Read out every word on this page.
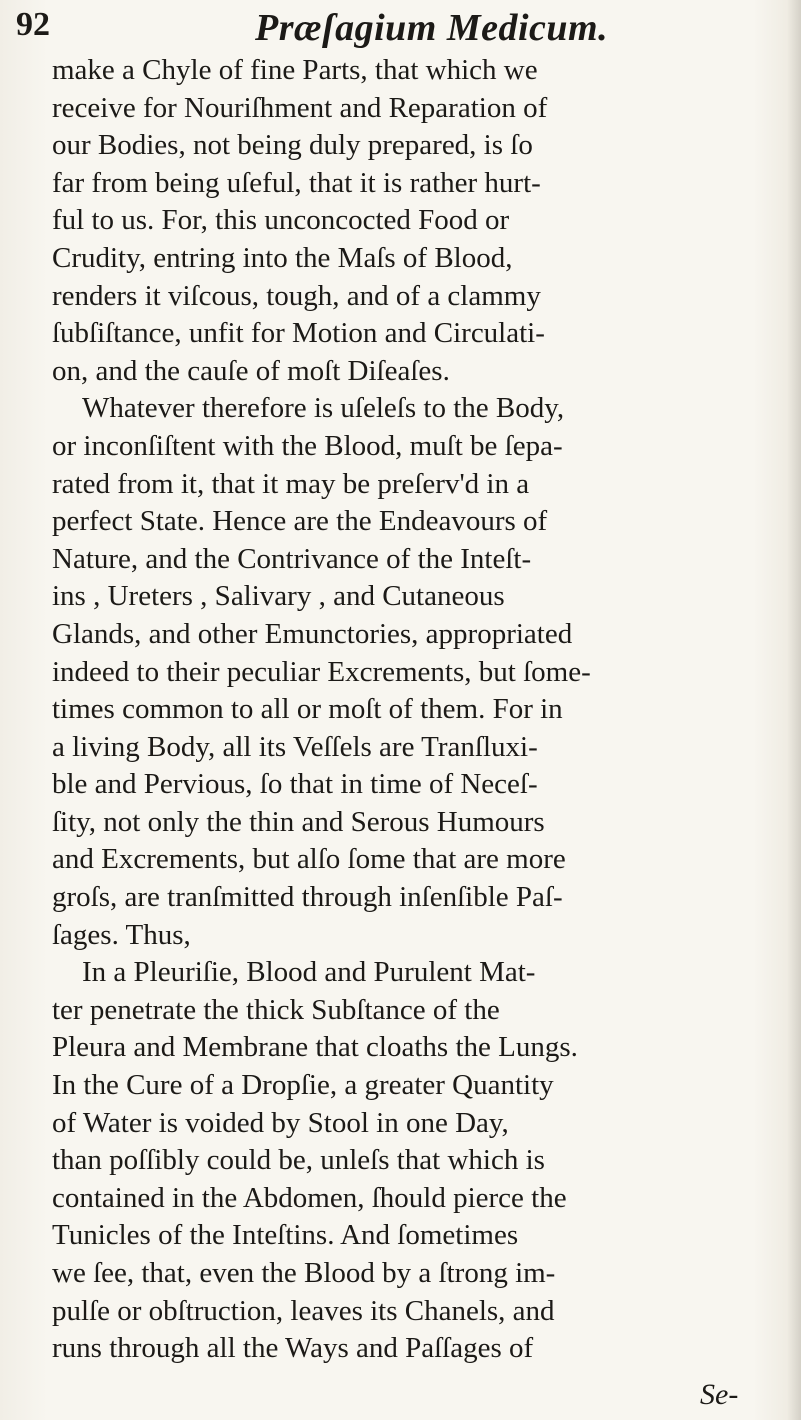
92	Præſagium Medicum.
make a Chyle of fine Parts, that which we
receive for Nouriſhment and Reparation of
our Bodies, not being duly prepared, is ſo
far from being uſeful, that it is rather hurt-
ful to us. For, this unconcocted Food or
Crudity, entring into the Maſs of Blood,
renders it viſcous, tough, and of a clammy
ſubſiſtance, unfit for Motion and Circulati-
on, and the cauſe of moſt Diſeaſes.
Whatever therefore is uſeleſs to the Body,
or inconſiſtent with the Blood, muſt be ſepa-
rated from it, that it may be preſerv'd in a
perfect State. Hence are the Endeavours of
Nature, and the Contrivance of the Inteſt-
ins , Ureters , Salivary , and Cutaneous
Glands, and other Emunctories, appropriated
indeed to their peculiar Excrements, but ſome-
times common to all or moſt of them. For in
a living Body, all its Veſſels are Tranſluxi-
ble and Pervious, ſo that in time of Neceſ-
ſity, not only the thin and Serous Humours
and Excrements, but alſo ſome that are more
groſs, are tranſmitted through inſenſible Paſ-
ſages. Thus,
In a Pleuriſie, Blood and Purulent Mat-
ter penetrate the thick Subſtance of the
Pleura and Membrane that cloaths the Lungs.
In the Cure of a Dropſie, a greater Quantity
of Water is voided by Stool in one Day,
than poſſibly could be, unleſs that which is
contained in the Abdomen, ſhould pierce the
Tunicles of the Inteſtins. And ſometimes
we ſee, that, even the Blood by a ſtrong im-
pulſe or obſtruction, leaves its Chanels, and
runs through all the Ways and Paſſages of
Se-
